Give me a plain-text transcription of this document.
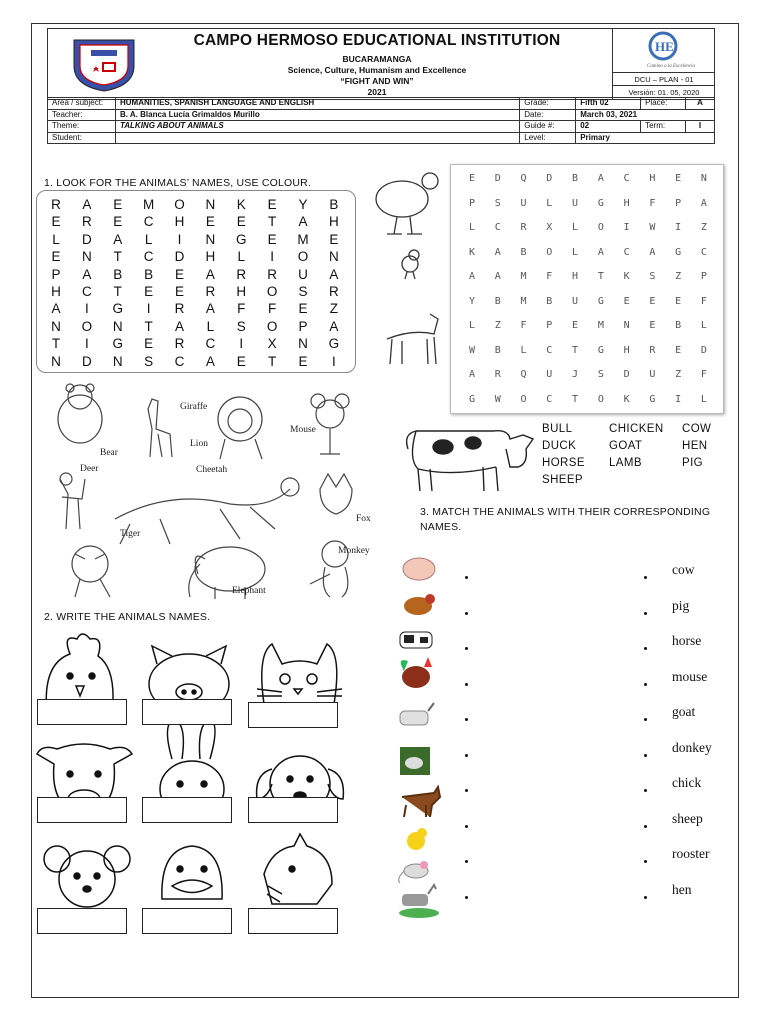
CAMPO HERMOSO EDUCATIONAL INSTITUTION
BUCARAMANGA
Science, Culture, Humanism and Excellence
“FIGHT AND WIN”
2021
HE
Camino a la Excelencia
DCU – PLAN - 01
Versión: 01. 05, 2020
Area / subject:	HUMANITIES, SPANISH LANGUAGE AND ENGLISH	Grade:	Fifth 02	Place:	A
Teacher:	B. A. Blanca Lucía Grimaldos Murillo	Date:	March 03, 2021		
Theme:	TALKING ABOUT ANIMALS	Guide #:	02	Term:	I
Student:		Level:	Primary		
1. LOOK FOR THE ANIMALS’ NAMES, USE COLOUR.
R	A	E	M	O	N	K	E	Y	B
E	R	E	C	H	E	E	T	A	H
L	D	A	L	I	N	G	E	M	E
E	N	T	C	D	H	L	I	O	N
P	A	B	B	E	A	R	R	U	A
H	C	T	E	E	R	H	O	S	R
A	I	G	I	R	A	F	F	E	Z
N	O	N	T	A	L	S	O	P	A
T	I	G	E	R	C	I	X	N	G
N	D	N	S	C	A	E	T	E	I
Giraffe
Lion
Mouse
Bear
Deer	Cheetah
Fox
Tiger
Elephant
Monkey
E	D	Q	D	B	A	C	H	E	N
P	S	U	L	U	G	H	F	P	A
L	C	R	X	L	O	I	W	I	Z
K	A	B	O	L	A	C	A	G	C
A	A	M	F	H	T	K	S	Z	P
Y	B	M	B	U	G	E	E	E	F
L	Z	F	P	E	M	N	E	B	L
W	B	L	C	T	G	H	R	E	D
A	R	Q	U	J	S	D	U	Z	F
G	W	O	C	T	O	K	G	I	L
BULL	CHICKEN COW
DUCK	GOAT	HEN
HORSE LAMB	PIG
SHEEP
2. WRITE THE ANIMALS NAMES.
3. MATCH THE ANIMALS WITH THEIR CORRESPONDING
NAMES.
cow
pig
horse
mouse
goat
donkey
chick
sheep
rooster
hen
